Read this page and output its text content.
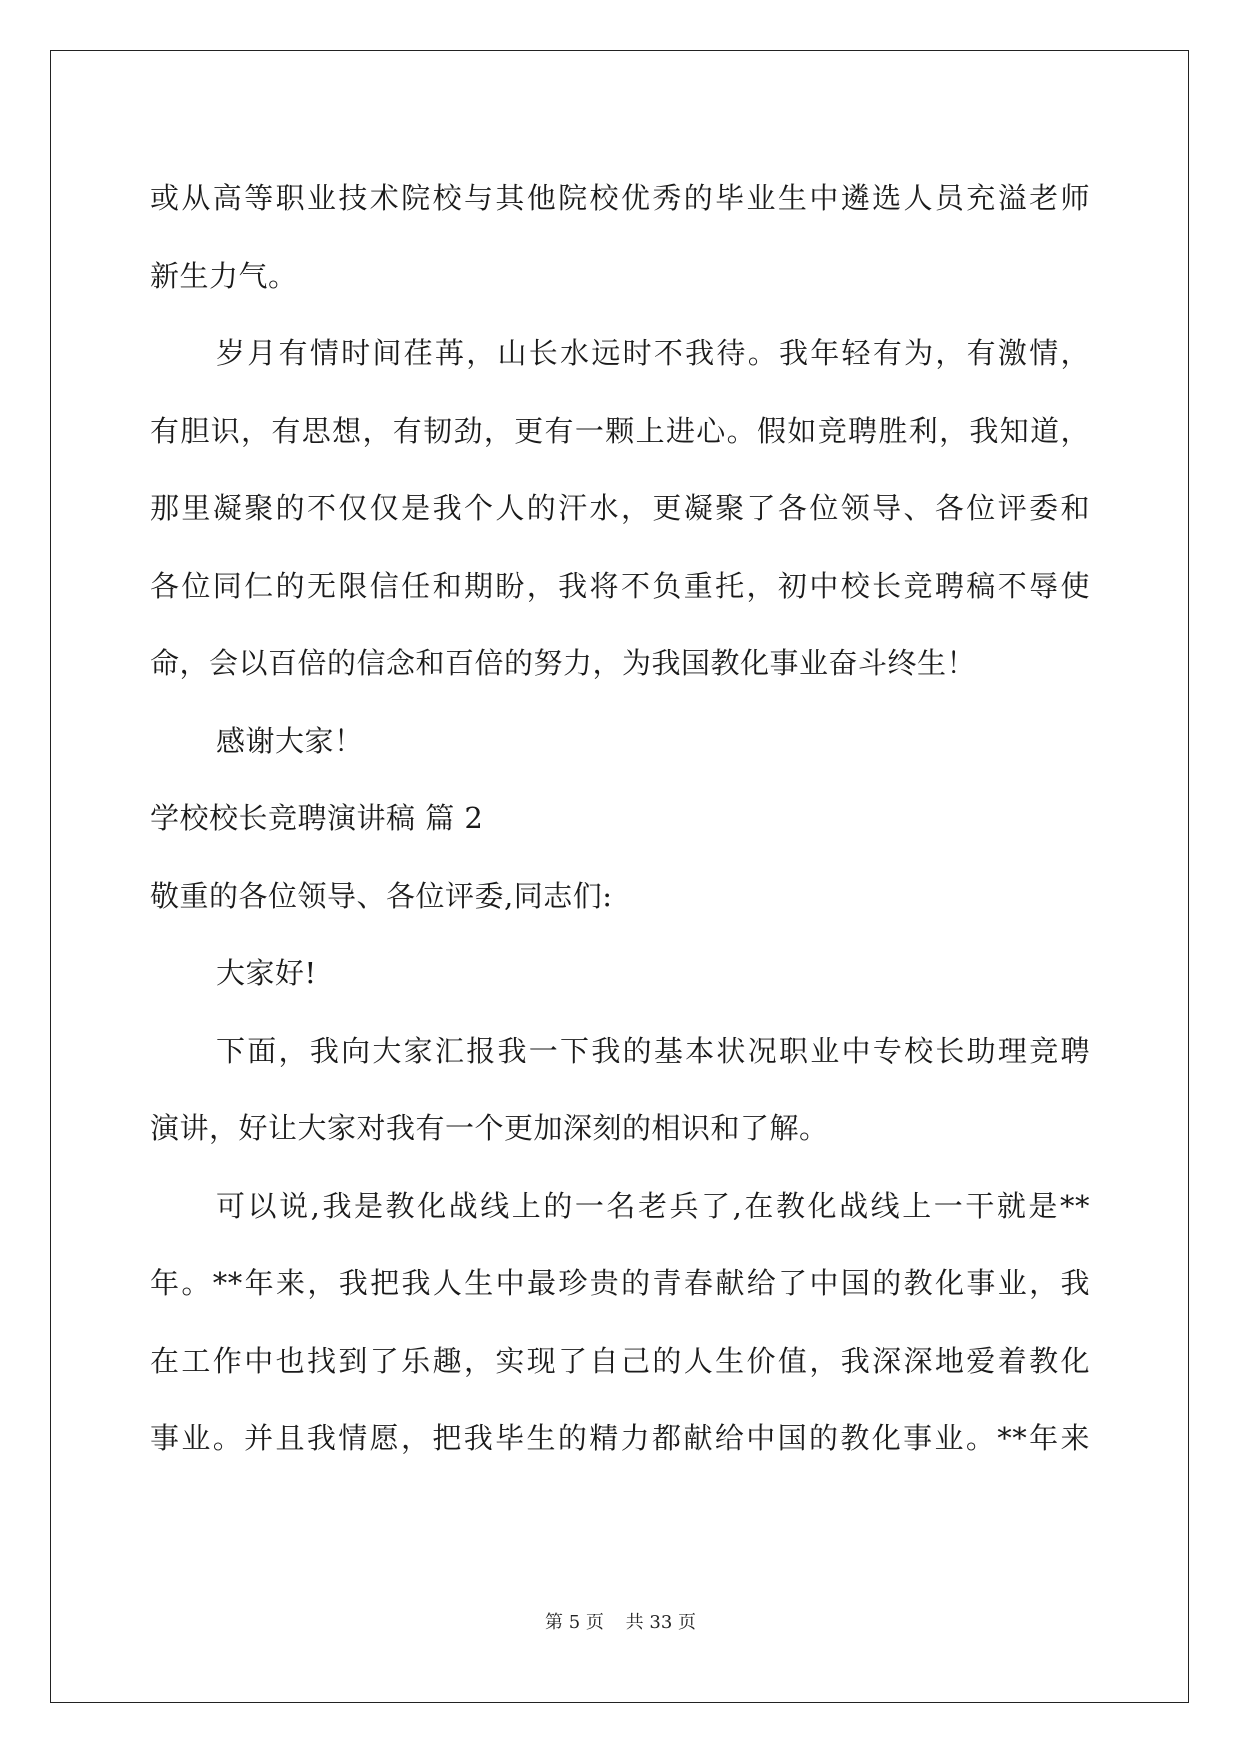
或从高等职业技术院校与其他院校优秀的毕业生中遴选人员充溢老师
新生力气。
岁月有情时间荏苒，山长水远时不我待。我年轻有为，有激情，
有胆识，有思想，有韧劲，更有一颗上进心。假如竞聘胜利，我知道，
那里凝聚的不仅仅是我个人的汗水，更凝聚了各位领导、各位评委和
各位同仁的无限信任和期盼，我将不负重托，初中校长竞聘稿不辱使
命，会以百倍的信念和百倍的努力，为我国教化事业奋斗终生！
感谢大家！
学校校长竞聘演讲稿 篇 2
敬重的各位领导、各位评委,同志们:
大家好!
下面，我向大家汇报我一下我的基本状况职业中专校长助理竞聘
演讲，好让大家对我有一个更加深刻的相识和了解。
可以说,我是教化战线上的一名老兵了,在教化战线上一干就是**
年。**年来，我把我人生中最珍贵的青春献给了中国的教化事业，我
在工作中也找到了乐趣，实现了自己的人生价值，我深深地爱着教化
事业。并且我情愿，把我毕生的精力都献给中国的教化事业。**年来
第 5 页 共 33 页
